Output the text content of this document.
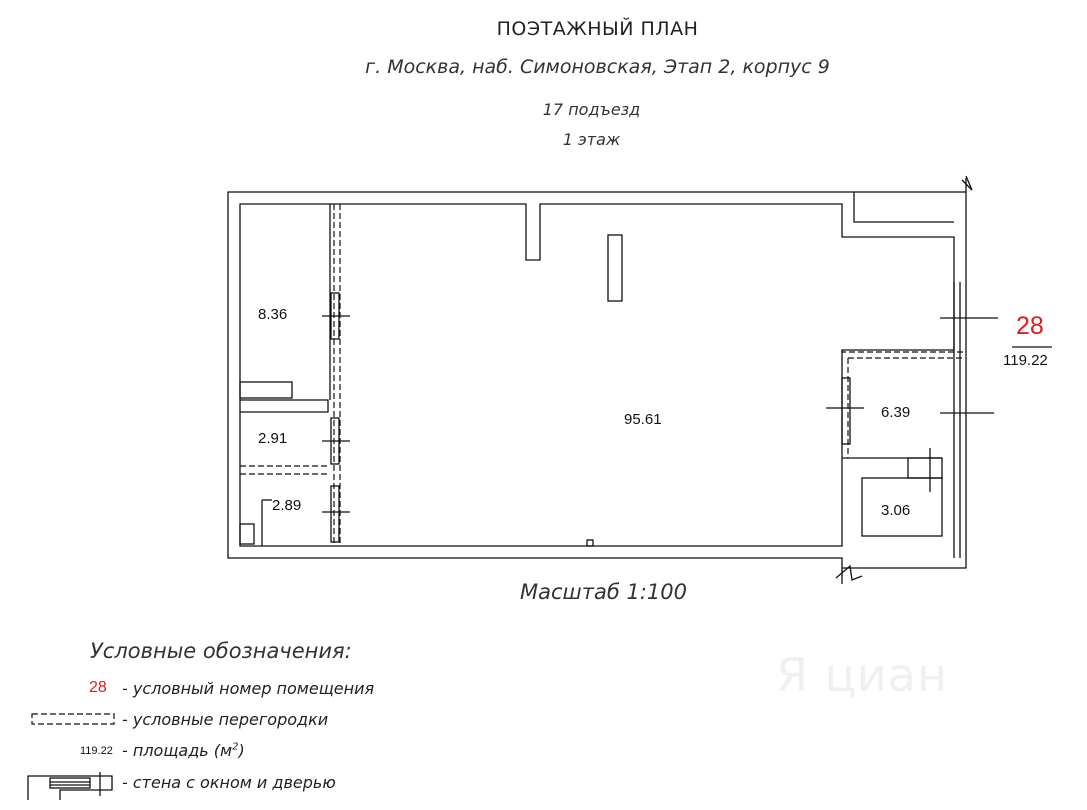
Я циан
ПОЭТАЖНЫЙ ПЛАН
г. Москва, наб. Симоновская, Этап 2, корпус 9
17 подъезд
1 этаж
8.36
2.91
2.89
95.61	6.39
3.06
28
119.22
Масштаб 1:100
Условные обозначения:
28 - условный номер помещения
- условные перегородки
119.22 - площадь $(м^2)$
- стена с окном и дверью
